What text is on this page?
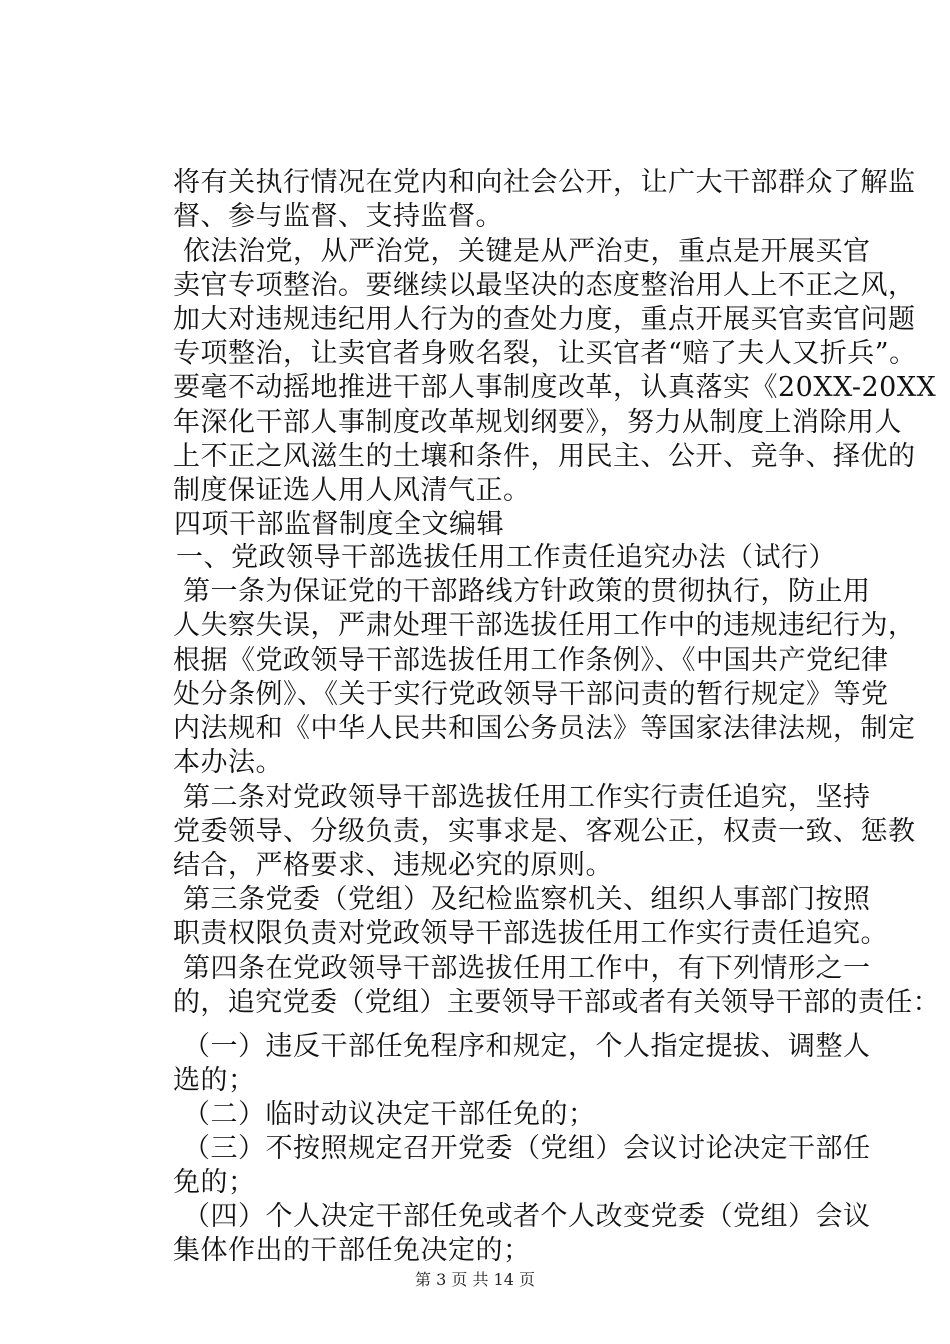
将有关执行情况在党内和向社会公开，让广大干部群众了解监
督、参与监督、支持监督。
依法治党，从严治党，关键是从严治吏，重点是开展买官
卖官专项整治。要继续以最坚决的态度整治用人上不正之风，
加大对违规违纪用人行为的查处力度，重点开展买官卖官问题
专项整治，让卖官者身败名裂，让买官者“赔了夫人又折兵”。
要毫不动摇地推进干部人事制度改革，认真落实《20XX-20XX
年深化干部人事制度改革规划纲要》，努力从制度上消除用人
上不正之风滋生的土壤和条件，用民主、公开、竞争、择优的
制度保证选人用人风清气正。
四项干部监督制度全文编辑
一、党政领导干部选拔任用工作责任追究办法（试行）
第一条为保证党的干部路线方针政策的贯彻执行，防止用
人失察失误，严肃处理干部选拔任用工作中的违规违纪行为，
根据《党政领导干部选拔任用工作条例》、《中国共产党纪律
处分条例》、《关于实行党政领导干部问责的暂行规定》等党
内法规和《中华人民共和国公务员法》等国家法律法规，制定
本办法。
第二条对党政领导干部选拔任用工作实行责任追究，坚持
党委领导、分级负责，实事求是、客观公正，权责一致、惩教
结合，严格要求、违规必究的原则。
第三条党委（党组）及纪检监察机关、组织人事部门按照
职责权限负责对党政领导干部选拔任用工作实行责任追究。
第四条在党政领导干部选拔任用工作中，有下列情形之一
的，追究党委（党组）主要领导干部或者有关领导干部的责任：
（一）违反干部任免程序和规定，个人指定提拔、调整人
选的；
（二）临时动议决定干部任免的；
（三）不按照规定召开党委（党组）会议讨论决定干部任
免的；
（四）个人决定干部任免或者个人改变党委（党组）会议
集体作出的干部任免决定的；
第 3 页 共 14 页
